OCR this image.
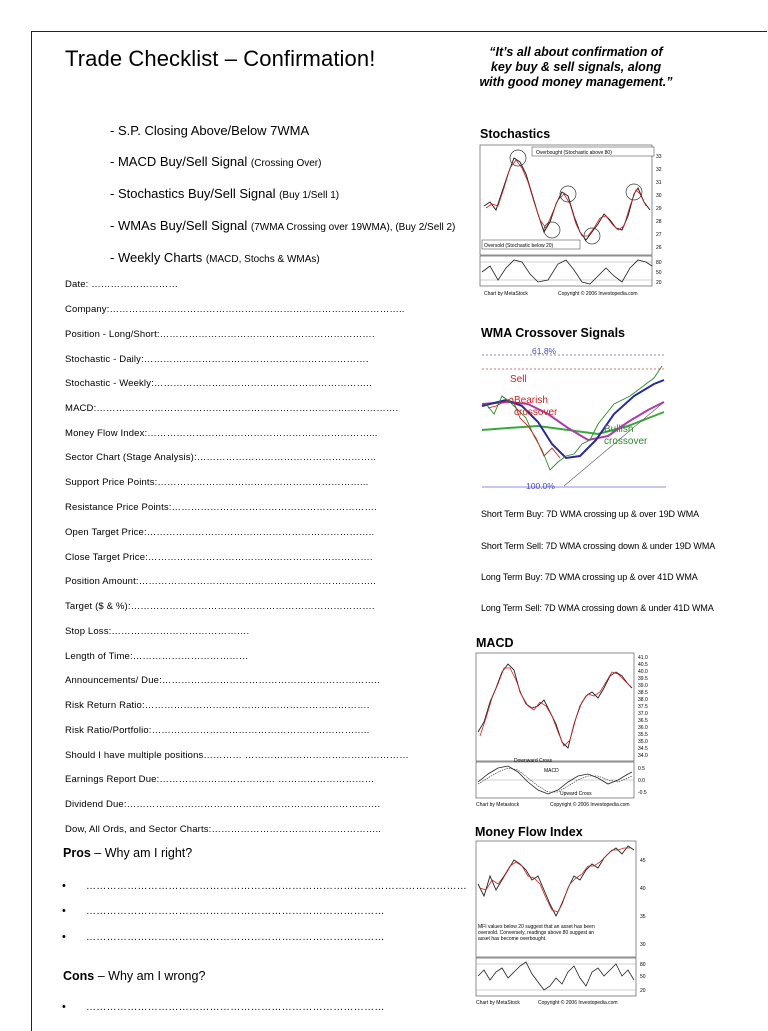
Trade Checklist – Confirmation!	“It’s all about confirmation of key buy & sell signals, along with good money management.”
- S.P. Closing Above/Below 7WMA
- MACD Buy/Sell Signal (Crossing Over)
- Stochastics Buy/Sell Signal (Buy 1/Sell 1)
- WMAs Buy/Sell Signal (7WMA Crossing over 19WMA), (Buy 2/Sell 2)
- Weekly Charts (MACD, Stochs & WMAs)
Date: ………………………
Company:………………………………………………………………………………..
Position - Long/Short:………………………………………………………….
Stochastic - Daily:…………………………………………………………….
Stochastic - Weekly:…………………………………………………………..
MACD:………………………………………………………………………………….
Money Flow Index:……………………………………………………………...
Sector Chart (Stage Analysis):………………………………………………..
Support Price Points:………………………………………………………...
Resistance Price Points:……………………………………………………….
Open Target Price:……………………………………………………………..
Close Target Price:…………………………………………………………….
Position Amount:………………………………………………………………..
Target ($ & %):………………………………………………………………….
Stop Loss:…………………………………….
Length of Time:………………………………
Announcements/ Due:…………………………………………………………..
Risk Return Ratio:…………………………………………………………….
Risk Ratio/Portfolio:…………………………………………………………..
Should I have multiple positions………… ……………………………………………
Earnings Report Due:……………………………… …………………………
Dividend Due:…………………………………………………………………….
Dow, All Ords, and Sector Charts:……………………………………………..
Pros – Why am I right?
• …………………………………………………………………………………………………
• ……………………………………………………………………………
• ……………………………………………………………………………
Cons – Why am I wrong?
• ……………………………………………………………………………
Stochastics
Overbought (Stochastic above 80)
Oversold (Stochastic below 20)
33
32
31
30
29
28
27
26
80
50
20
Chart by MetaStock	Copyright © 2006 Investopedia.com
WMA Crossover Signals
61.8%
100.0%
Sell
Bearish
crossover
Bullish
crossover
Short Term Buy: 7D WMA crossing up & over 19D WMA
Short Term Sell: 7D WMA crossing down & under 19D WMA
Long Term Buy: 7D WMA crossing up & over 41D WMA
Long Term Sell: 7D WMA crossing down & under 41D WMA
MACD
41.0
40.5
40.0
39.5
39.0
38.5
38.0
37.5
37.0
36.5
36.0
35.5
35.0
34.5
34.0
Downward Cross
MACD
Upward Cross
0.5
0.0
-0.5
Chart by Metastock	Copyright © 2006 Investopedia.com
Money Flow Index
MFI values below 20 suggest that an asset has been oversold. Conversely, readings above 80 suggest an asset has become overbought.
45
40
35
30
80
50
20
Chart by MetaStock	Copyright © 2006 Investopedia.com
